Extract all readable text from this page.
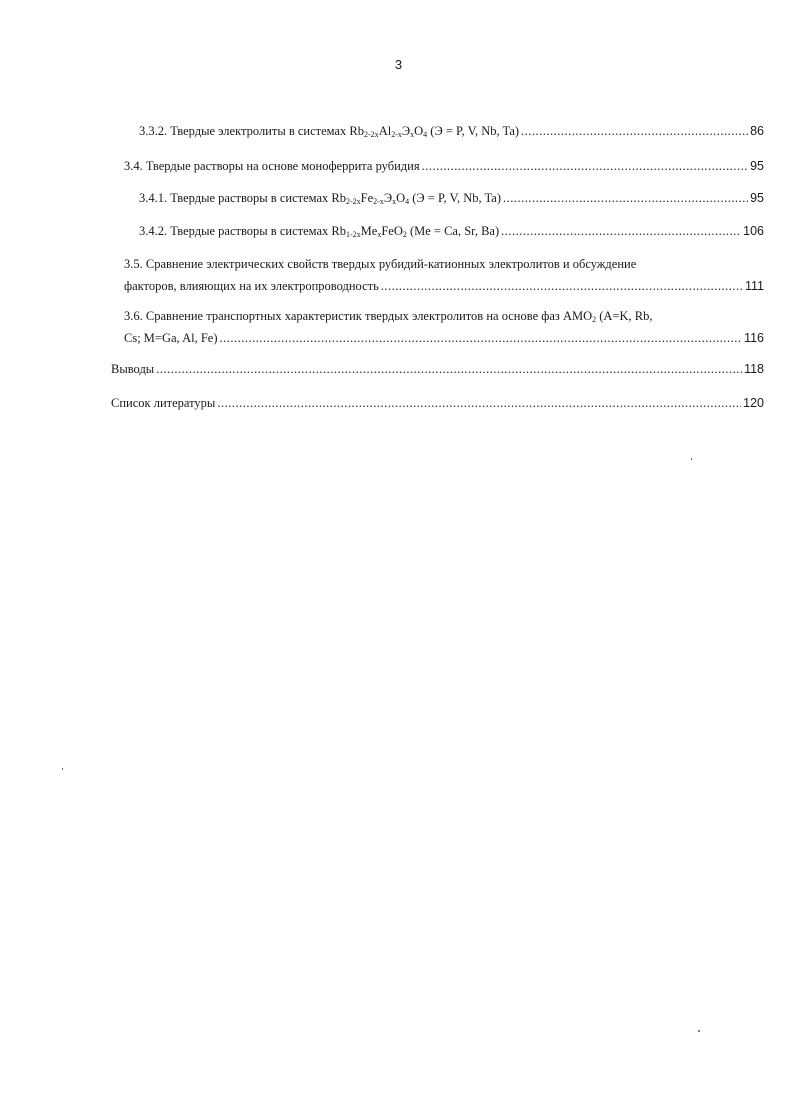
3
3.3.2. Твердые электролиты в системах $Rb_{2-2x}Al_{2-x}Э_xO_4$ (Э = P, V, Nb, Ta) .....	86
3.4. Твердые растворы на основе моноферрита рубидия .....	95
3.4.1. Твердые растворы в системах $Rb_{2-2x}Fe_{2-x}Э_xO_4$ (Э = P, V, Nb, Ta) .....	95
3.4.2. Твердые растворы в системах $Rb_{1-2x}Me_xFeO_2$ (Me = Ca, Sr, Ba) .....	106
3.5. Сравнение электрических свойств твердых рубидий-катионных электролитов и обсуждение
факторов, влияющих на их электропроводность .....	111
3.6. Сравнение транспортных характеристик твердых электролитов на основе фаз $AMO_2$ (A=K, Rb,
Cs; M=Ga, Al, Fe) .....	116
Выводы .....	118
Список литературы .....	120
